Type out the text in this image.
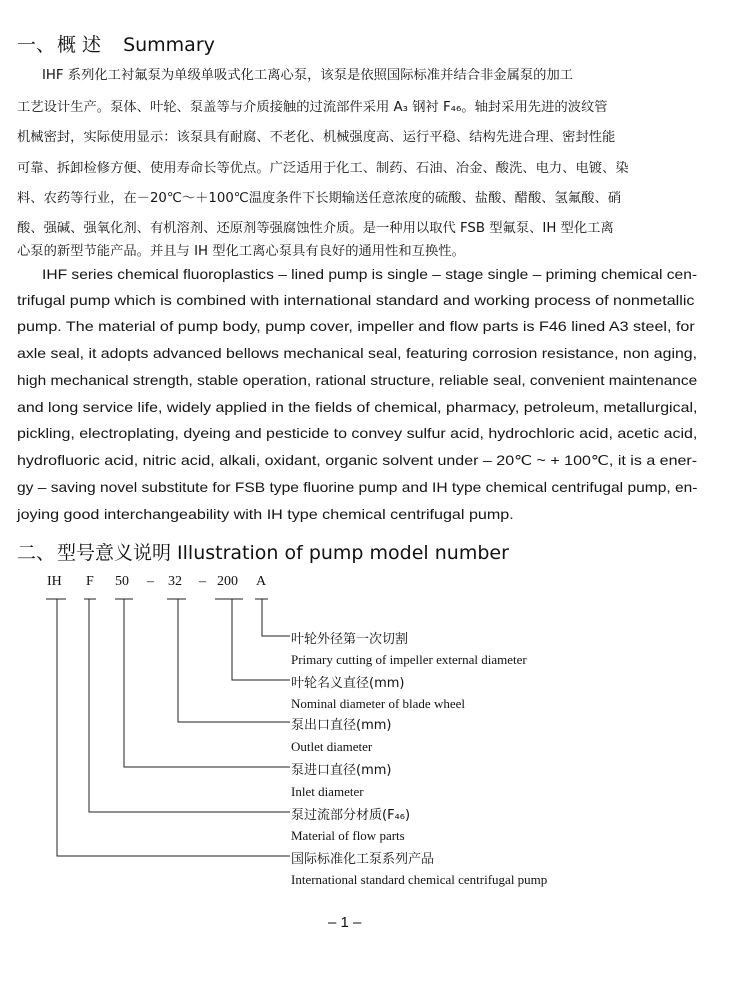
一、 概 述 Summary
IHF 系列化工衬氟泵为单级单吸式化工离心泵，该泵是依照国际标准并结合非金属泵的加工
工艺设计生产。泵体、叶轮、泵盖等与介质接触的过流部件采用 A₃ 钢衬 F₄₆。轴封采用先进的波纹管
机械密封，实际使用显示：该泵具有耐腐、不老化、机械强度高、运行平稳、结构先进合理、密封性能
可靠、拆卸检修方便、使用寿命长等优点。广泛适用于化工、制药、石油、冶金、酸洗、电力、电镀、染
料、农药等行业，在－20℃～＋100℃温度条件下长期输送任意浓度的硫酸、盐酸、醋酸、氢氟酸、硝
酸、强碱、强氧化剂、有机溶剂、还原剂等强腐蚀性介质。是一种用以取代 FSB 型氟泵、IH 型化工离
心泵的新型节能产品。并且与 IH 型化工离心泵具有良好的通用性和互换性。
IHF series chemical fluoroplastics – lined pump is single – stage single – priming chemical cen-
trifugal pump which is combined with international standard and working process of nonmetallic
pump. The material of pump body, pump cover, impeller and flow parts is F46 lined A3 steel, for
axle seal, it adopts advanced bellows mechanical seal, featuring corrosion resistance, non aging,
high mechanical strength, stable operation, rational structure, reliable seal, convenient maintenance
and long service life, widely applied in the fields of chemical, pharmacy, petroleum, metallurgical,
pickling, electroplating, dyeing and pesticide to convey sulfur acid, hydrochloric acid, acetic acid,
hydrofluoric acid, nitric acid, alkali, oxidant, organic solvent under – 20℃ ~ + 100℃, it is a ener-
gy – saving novel substitute for FSB type fluorine pump and IH type chemical centrifugal pump, en-
joying good interchangeability with IH type chemical centrifugal pump.
二、 型号意义说明 Illustration of pump model number
IH F 50 – 32 – 200 A
叶轮外径第一次切割
Primary cutting of impeller external diameter
叶轮名义直径(mm)
Nominal diameter of blade wheel
泵出口直径(mm)
Outlet diameter
泵进口直径(mm)
Inlet diameter
泵过流部分材质(F₄₆)
Material of flow parts
国际标准化工泵系列产品
International standard chemical centrifugal pump
– 1 –
